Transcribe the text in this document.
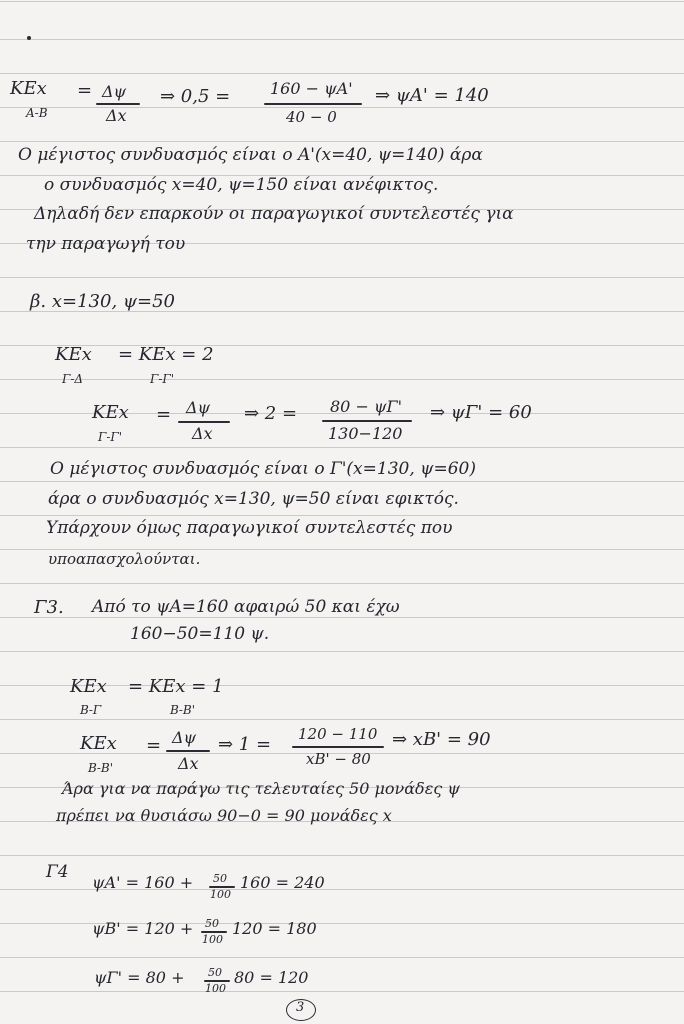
ΚΕx

Α-Β

= Δψ

Δx

⇒ 0,5 = 160 − ψΑ'

40 − 0

⇒ ψΑ' = 140

Ο μέγιστος συνδυασμός είναι ο Α'(x=40, ψ=140) άρα

ο συνδυασμός x=40, ψ=150 είναι ανέφικτος.

Δηλαδή δεν επαρκούν οι παραγωγικοί συντελεστές για

την παραγωγή του

β. x=130, ψ=50

ΚΕx

Γ-Δ

= ΚΕx = 2

Γ-Γ'

ΚΕx

Γ-Γ'

= Δψ

Δx

⇒ 2 = 80 − ψΓ'

130−120

⇒ ψΓ' = 60

Ο μέγιστος συνδυασμός είναι ο Γ'(x=130, ψ=60)

άρα ο συνδυασμός x=130, ψ=50 είναι εφικτός.

Υπάρχουν όμως παραγωγικοί συντελεστές που

υποαπασχολούνται.

Γ3. Από το ψΑ=160 αφαιρώ 50 και έχω

160−50=110 ψ.

ΚΕx

Β-Γ

= ΚΕx = 1

Β-Β'

ΚΕx

Β-Β'

= Δψ

Δx

⇒ 1 = 120 − 110

xΒ' − 80

⇒ xΒ' = 90

Άρα για να παράγω τις τελευταίες 50 μονάδες ψ

πρέπει να θυσιάσω 90−0 = 90 μονάδες x

Γ4

ψΑ' = 160 + 50

100

160 = 240

ψΒ' = 120 + 50

100

120 = 180

ψΓ' = 80 + 50

100

80 = 120

3
